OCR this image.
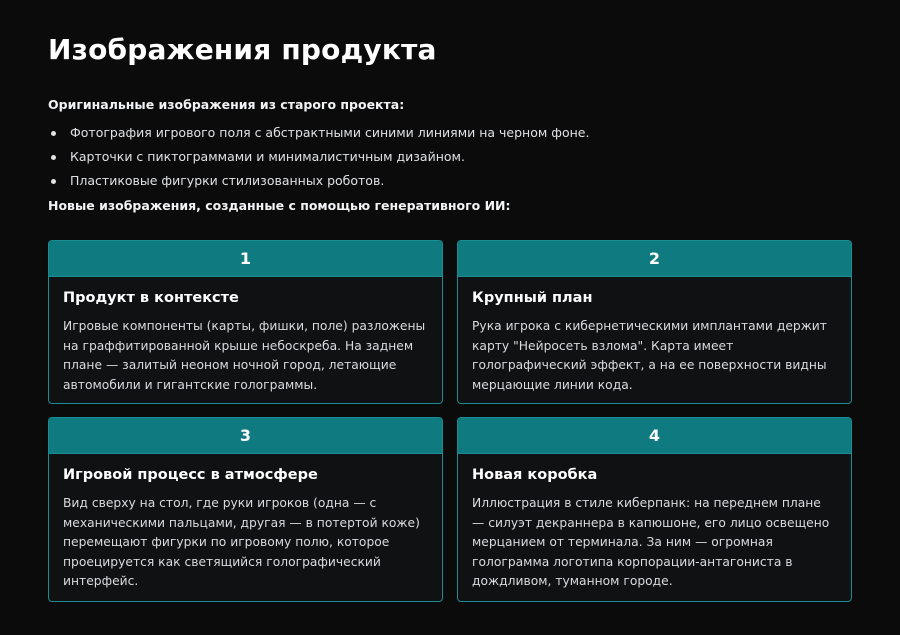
Изображения продукта

Оригинальные изображения из старого проекта:

Фотография игрового поля с абстрактными синими линиями на черном фоне.
Карточки с пиктограммами и минималистичным дизайном.
Пластиковые фигурки стилизованных роботов.

Новые изображения, созданные с помощью генеративного ИИ:

1

Продукт в контексте

Игровые компоненты (карты, фишки, поле) разложены на граффитированной крыше небоскреба. На заднем плане — залитый неоном ночной город, летающие автомобили и гигантские голограммы.

2

Крупный план

Рука игрока с кибернетическими имплантами держит карту "Нейросеть взлома". Карта имеет голографический эффект, а на ее поверхности видны мерцающие линии кода.

3

Игровой процесс в атмосфере

Вид сверху на стол, где руки игроков (одна — с механическими пальцами, другая — в потертой коже) перемещают фигурки по игровому полю, которое проецируется как светящийся голографический интерфейс.

4

Новая коробка

Иллюстрация в стиле киберпанк: на переднем плане — силуэт декраннера в капюшоне, его лицо освещено мерцанием от терминала. За ним — огромная голограмма логотипа корпорации-антагониста в дождливом, туманном городе.
